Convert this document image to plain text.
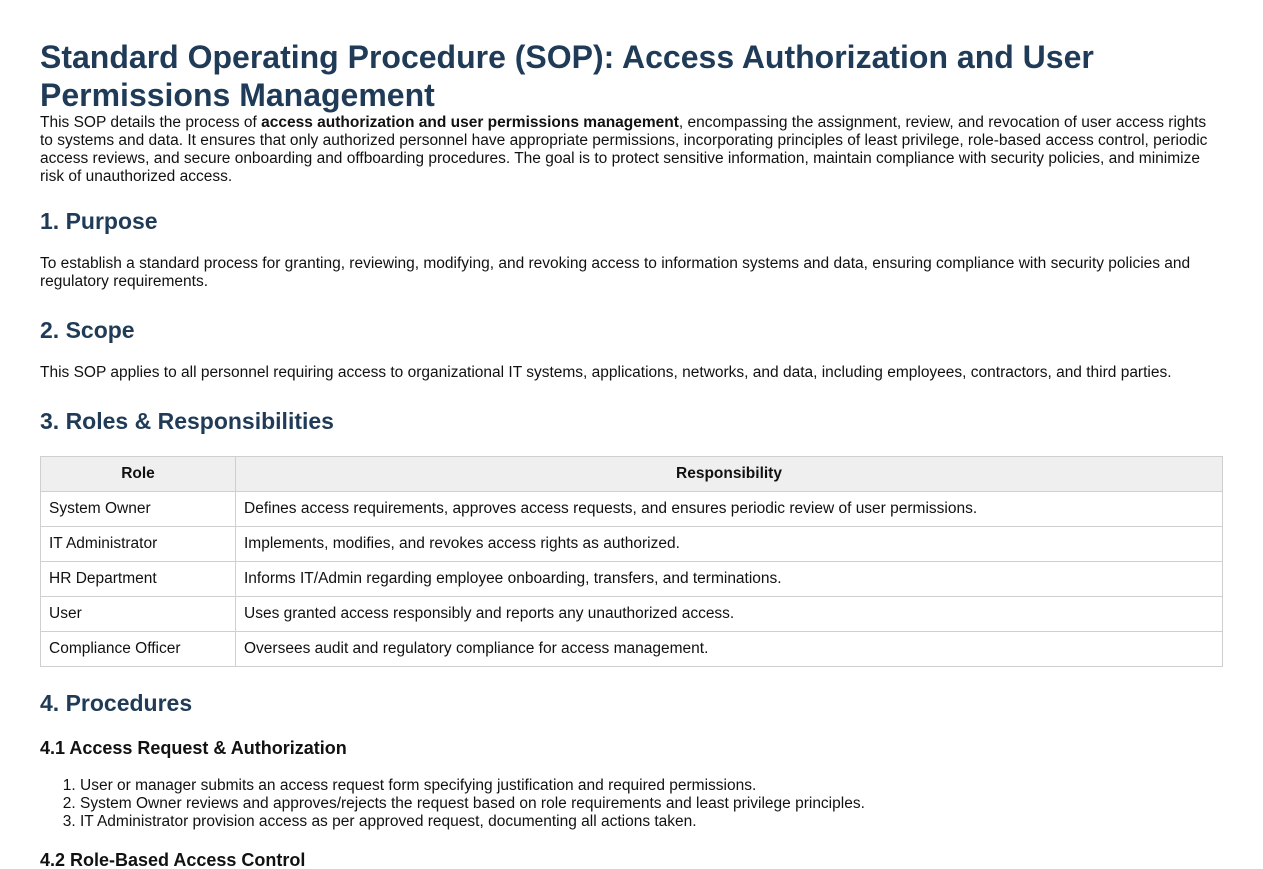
Standard Operating Procedure (SOP): Access Authorization and User Permissions Management

This SOP details the process of access authorization and user permissions management, encompassing the assignment, review, and revocation of user access rights to systems and data. It ensures that only authorized personnel have appropriate permissions, incorporating principles of least privilege, role-based access control, periodic access reviews, and secure onboarding and offboarding procedures. The goal is to protect sensitive information, maintain compliance with security policies, and minimize risk of unauthorized access.

1. Purpose

To establish a standard process for granting, reviewing, modifying, and revoking access to information systems and data, ensuring compliance with security policies and regulatory requirements.

2. Scope

This SOP applies to all personnel requiring access to organizational IT systems, applications, networks, and data, including employees, contractors, and third parties.

3. Roles & Responsibilities
Role	Responsibility
System Owner	Defines access requirements, approves access requests, and ensures periodic review of user permissions.
IT Administrator	Implements, modifies, and revokes access rights as authorized.
HR Department	Informs IT/Admin regarding employee onboarding, transfers, and terminations.
User	Uses granted access responsibly and reports any unauthorized access.
Compliance Officer	Oversees audit and regulatory compliance for access management.
4. Procedures
4.1 Access Request & Authorization
1. User or manager submits an access request form specifying justification and required permissions.
2. System Owner reviews and approves/rejects the request based on role requirements and least privilege principles.
3. IT Administrator provision access as per approved request, documenting all actions taken.
4.2 Role-Based Access Control
